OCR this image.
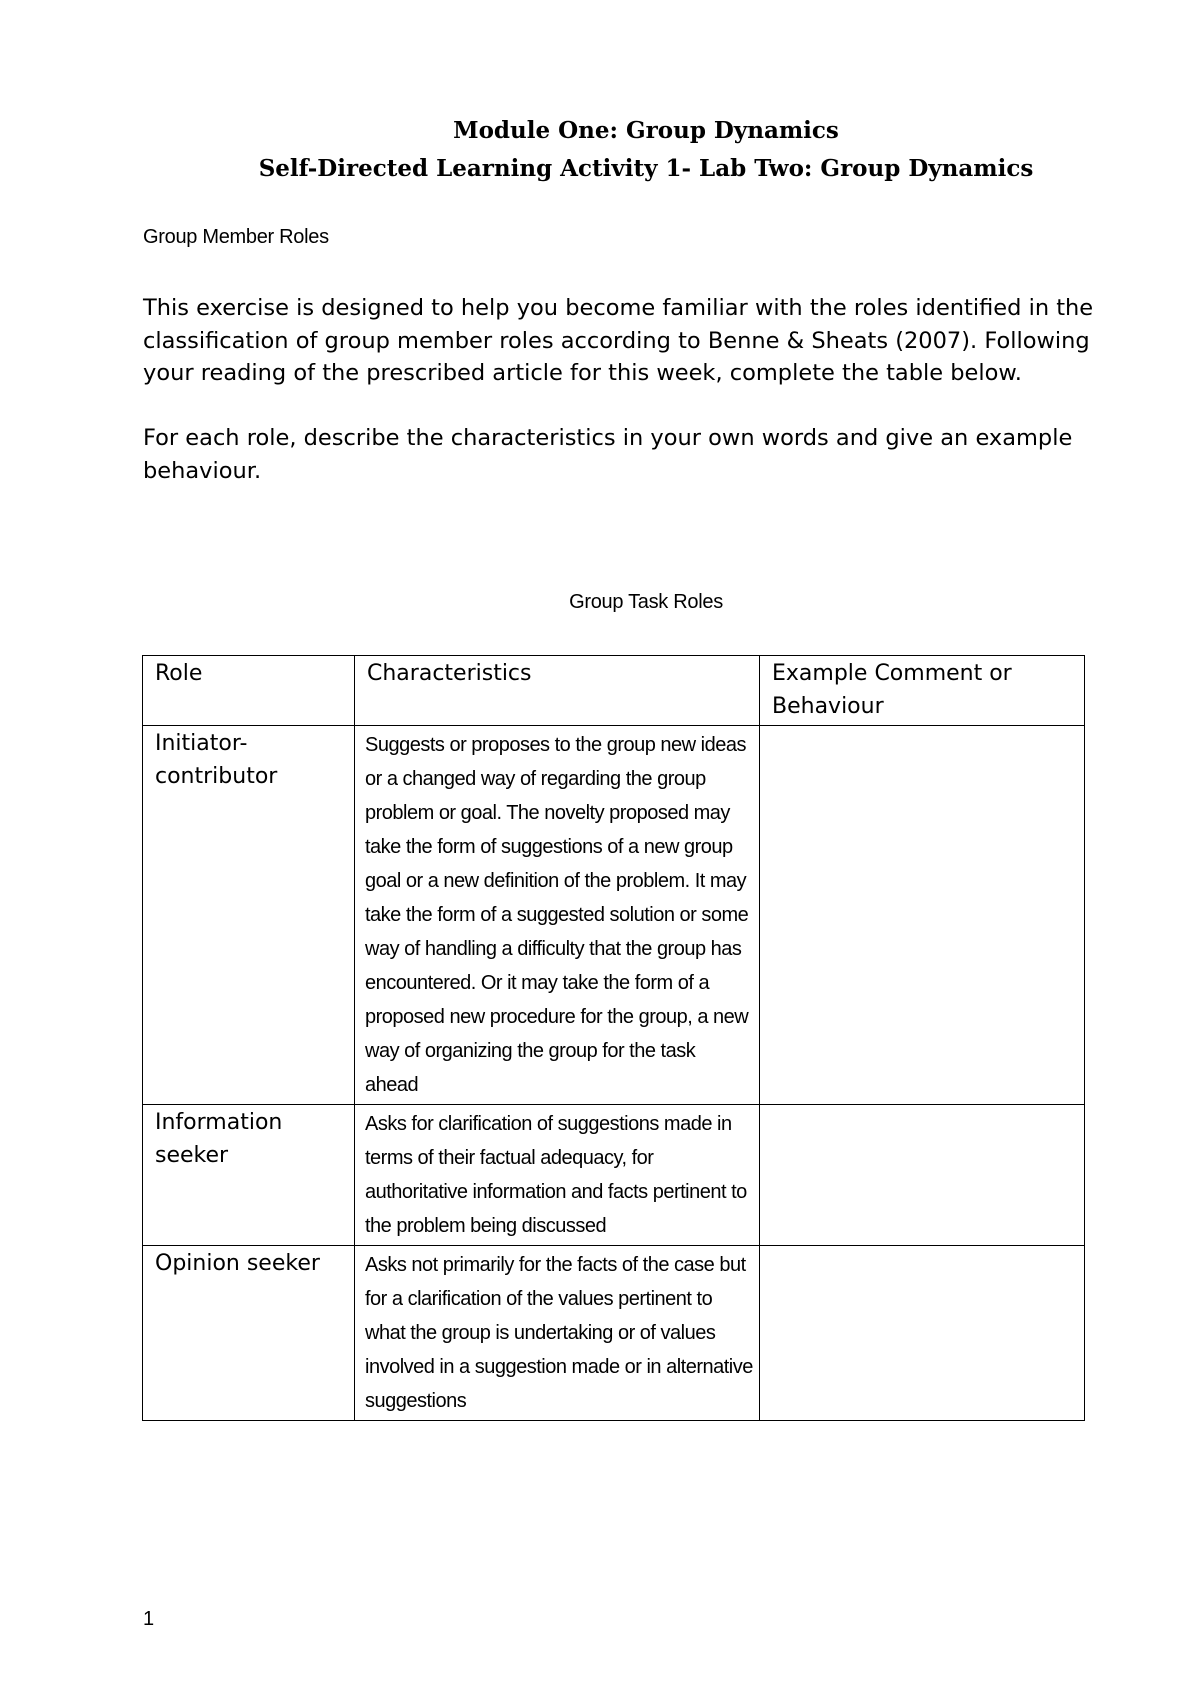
Module One: Group Dynamics
Self-Directed Learning Activity 1- Lab Two: Group Dynamics
Group Member Roles

This exercise is designed to help you become familiar with the roles identified in the classification of group member roles according to Benne & Sheats (2007). Following your reading of the prescribed article for this week, complete the table below.

For each role, describe the characteristics in your own words and give an example behaviour.

Group Task Roles
Role	Characteristics	Example Comment or Behaviour
Initiator-contributor	Suggests or proposes to the group new ideas or a changed way of regarding the group problem or goal. The novelty proposed may take the form of suggestions of a new group goal or a new definition of the problem. It may take the form of a suggested solution or some way of handling a difficulty that the group has encountered. Or it may take the form of a proposed new procedure for the group, a new way of organizing the group for the task ahead	
Information seeker	Asks for clarification of suggestions made in terms of their factual adequacy, for authoritative information and facts pertinent to the problem being discussed	
Opinion seeker	Asks not primarily for the facts of the case but for a clarification of the values pertinent to what the group is undertaking or of values involved in a suggestion made or in alternative suggestions	
1
